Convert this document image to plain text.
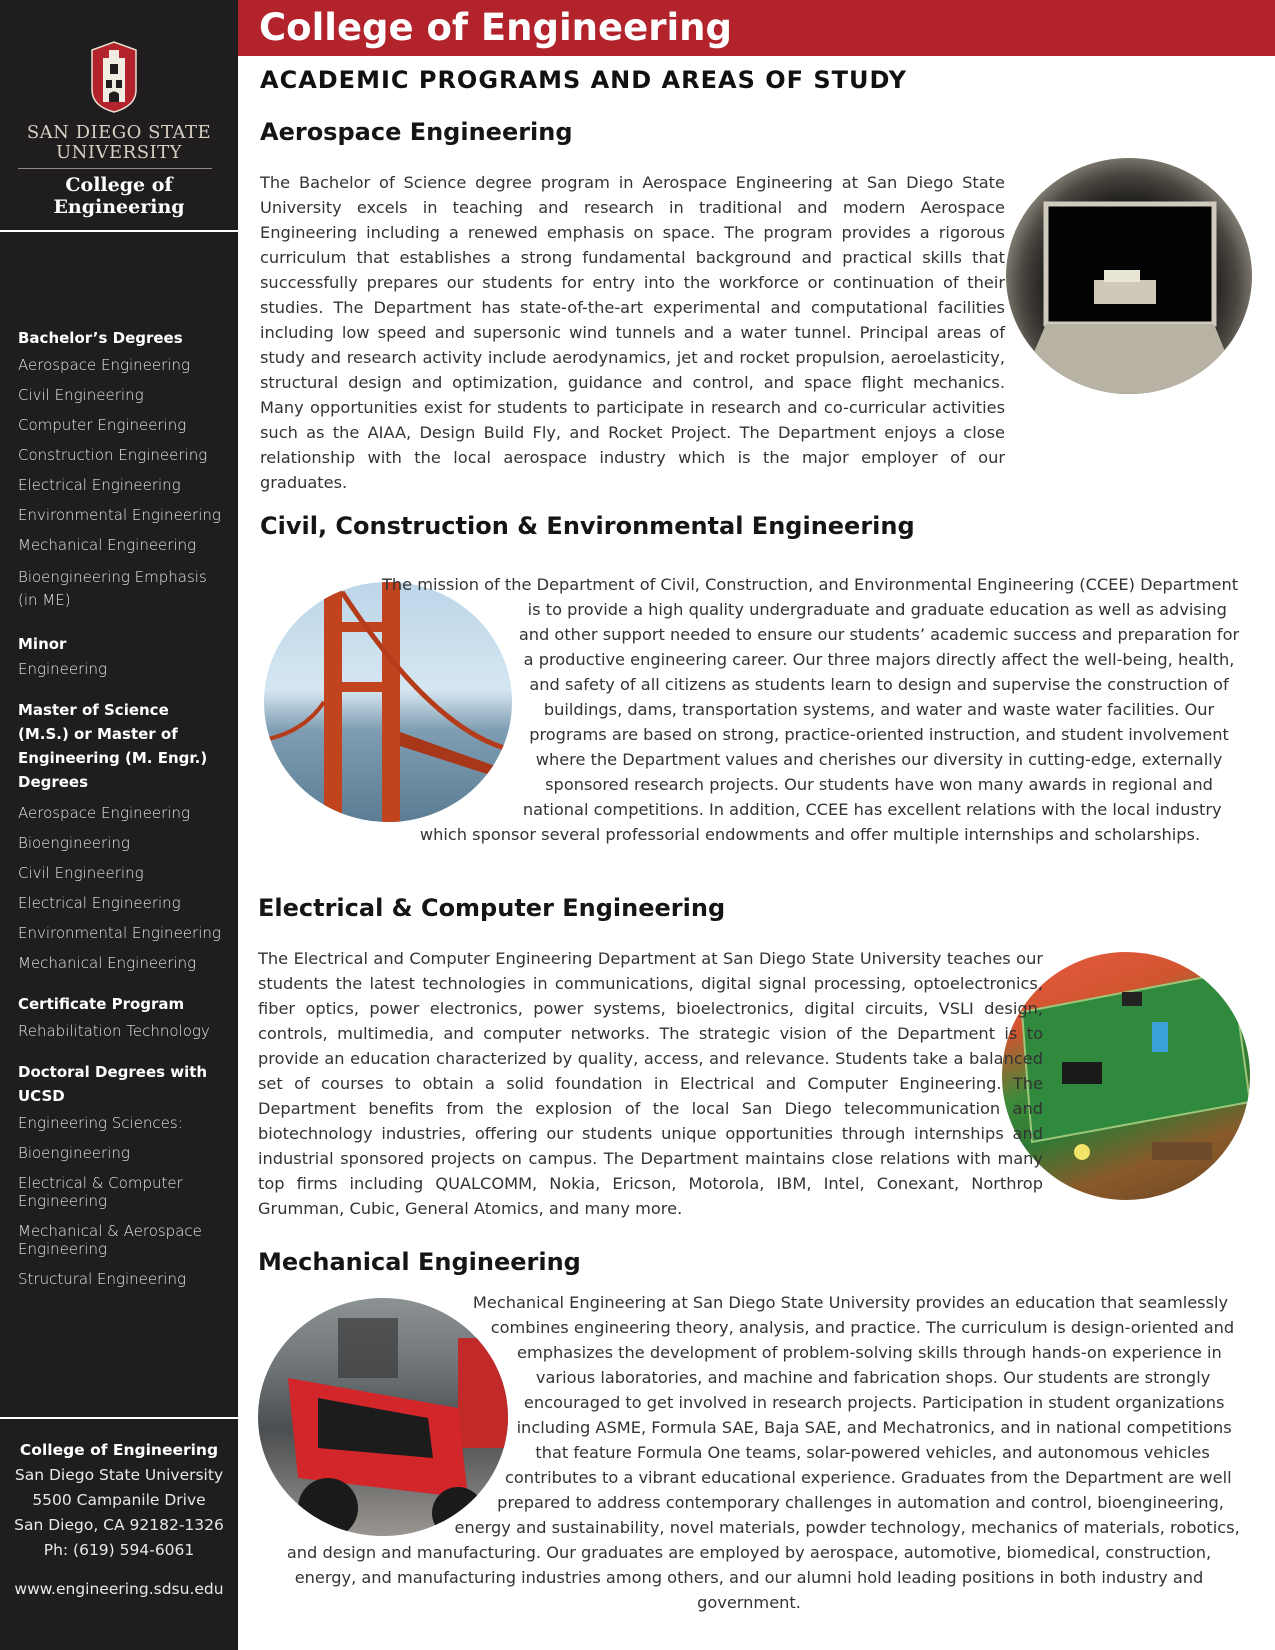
SAN DIEGO STATE
UNIVERSITY
College of Engineering
Bachelor’s Degrees
Aerospace Engineering
Civil Engineering
Computer Engineering
Construction Engineering
Electrical Engineering
Environmental Engineering
Mechanical Engineering
Bioengineering Emphasis (in ME)
Minor
Engineering
Master of Science (M.S.) or Master of Engineering (M. Engr.) Degrees
Aerospace Engineering
Bioengineering
Civil Engineering
Electrical Engineering
Environmental Engineering
Mechanical Engineering
Certificate Program
Rehabilitation Technology
Doctoral Degrees with UCSD
Engineering Sciences:
Bioengineering
Electrical & Computer Engineering
Mechanical & Aerospace Engineering
Structural Engineering
College of Engineering
San Diego State University
5500 Campanile Drive
San Diego, CA 92182-1326
Ph: (619) 594-6061
www.engineering.sdsu.edu
College of Engineering
ACADEMIC PROGRAMS AND AREAS OF STUDY
Aerospace Engineering
The Bachelor of Science degree program in Aerospace Engineering at San Diego State University excels in teaching and research in traditional and modern Aerospace Engineering including a renewed emphasis on space. The program provides a rigorous curriculum that establishes a strong fundamental background and practical skills that successfully prepares our students for entry into the workforce or continuation of their studies. The Department has state-of-the-art experimental and computational facilities including low speed and supersonic wind tunnels and a water tunnel. Principal areas of study and research activity include aerodynamics, jet and rocket propulsion, aeroelasticity, structural design and optimization, guidance and control, and space flight mechanics. Many opportunities exist for students to participate in research and co-curricular activities such as the AIAA, Design Build Fly, and Rocket Project. The Department enjoys a close relationship with the local aerospace industry which is the major employer of our graduates.
Civil, Construction & Environmental Engineering
The mission of the Department of Civil, Construction, and Environmental Engineering (CCEE) Department is to provide a high quality undergraduate and graduate education as well as advising and other support needed to ensure our students’ academic success and preparation for a productive engineering career. Our three majors directly affect the well-being, health, and safety of all citizens as students learn to design and supervise the construction of buildings, dams, transportation systems, and water and waste water facilities. Our programs are based on strong, practice-oriented instruction, and student involvement where the Department values and cherishes our diversity in cutting-edge, externally sponsored research projects. Our students have won many awards in regional and national competitions. In addition, CCEE has excellent relations with the local industry which sponsor several professorial endowments and offer multiple internships and scholarships.
Electrical & Computer Engineering
The Electrical and Computer Engineering Department at San Diego State University teaches our students the latest technologies in communications, digital signal processing, optoelectronics, fiber optics, power electronics, power systems, bioelectronics, digital circuits, VSLI design, controls, multimedia, and computer networks. The strategic vision of the Department is to provide an education characterized by quality, access, and relevance. Students take a balanced set of courses to obtain a solid foundation in Electrical and Computer Engineering. The Department benefits from the explosion of the local San Diego telecommunication and biotechnology industries, offering our students unique opportunities through internships and industrial sponsored projects on campus. The Department maintains close relations with many top firms including QUALCOMM, Nokia, Ericson, Motorola, IBM, Intel, Conexant, Northrop Grumman, Cubic, General Atomics, and many more.
Mechanical Engineering
Mechanical Engineering at San Diego State University provides an education that seamlessly combines engineering theory, analysis, and practice. The curriculum is design-oriented and emphasizes the development of problem-solving skills through hands-on experience in various laboratories, and machine and fabrication shops. Our students are strongly encouraged to get involved in research projects. Participation in student organizations including ASME, Formula SAE, Baja SAE, and Mechatronics, and in national competitions that feature Formula One teams, solar-powered vehicles, and autonomous vehicles contributes to a vibrant educational experience. Graduates from the Department are well prepared to address contemporary challenges in automation and control, bioengineering, energy and sustainability, novel materials, powder technology, mechanics of materials, robotics, and design and manufacturing. Our graduates are employed by aerospace, automotive, biomedical, construction, energy, and manufacturing industries among others, and our alumni hold leading positions in both industry and government.
